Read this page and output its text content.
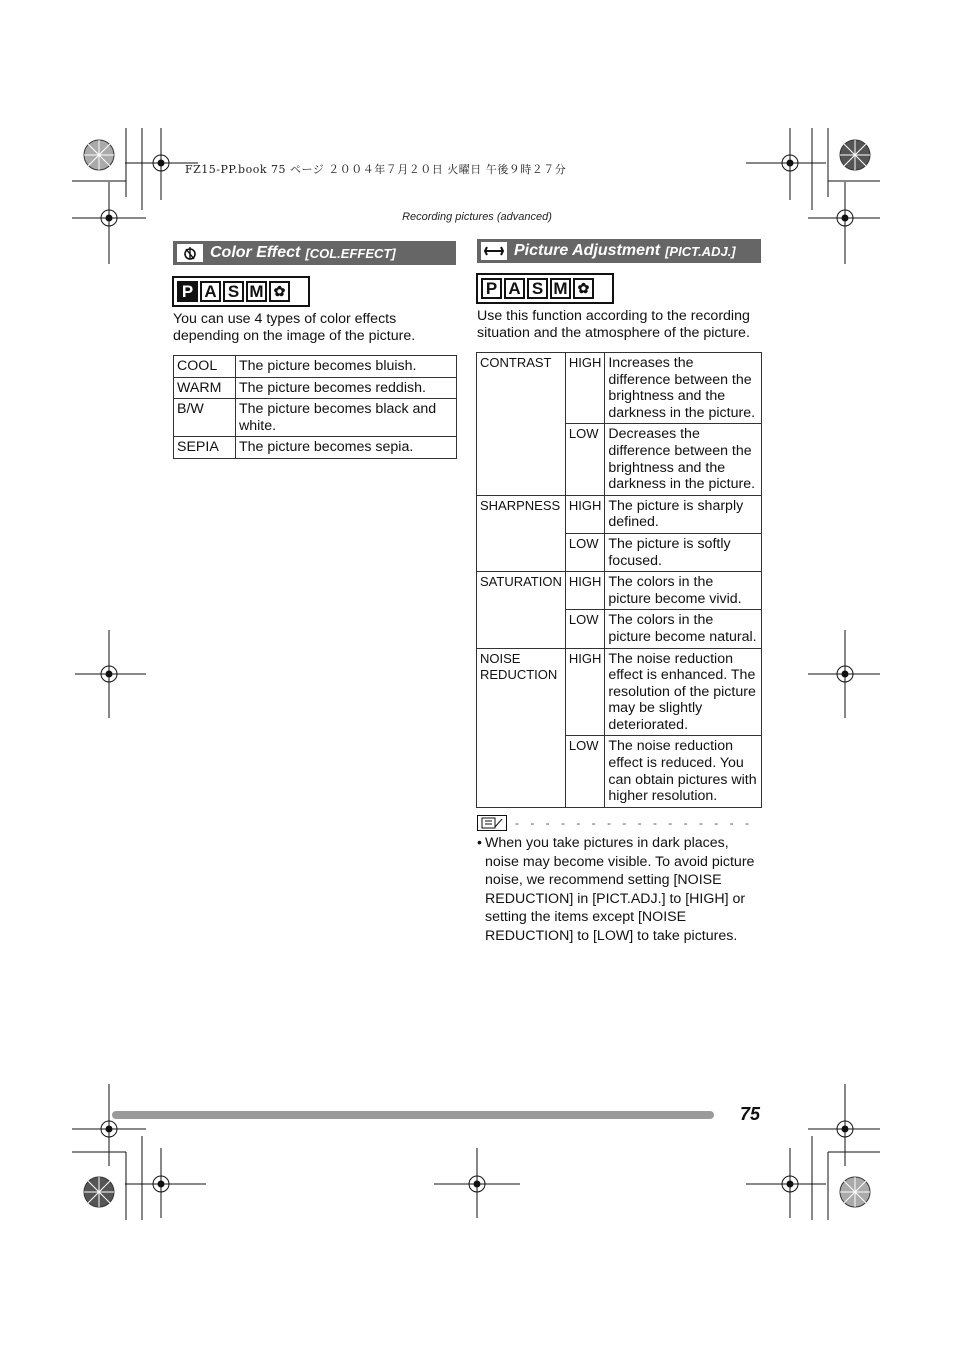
FZ15-PP.book 75 ページ ２００４年７月２０日 火曜日 午後９時２７分
Recording pictures (advanced)
Color Effect [COL.EFFECT]
P A S M ✿
You can use 4 types of color effects depending on the image of the picture.
COOL	The picture becomes bluish.
WARM	The picture becomes reddish.
B/W	The picture becomes black and white.
SEPIA	The picture becomes sepia.
Picture Adjustment [PICT.ADJ.]
P A S M ✿
Use this function according to the recording situation and the atmosphere of the picture.
CONTRAST	HIGH	Increases the difference between the brightness and the darkness in the picture.
	LOW	Decreases the difference between the brightness and the darkness in the picture.
SHARPNESS	HIGH	The picture is sharply defined.
	LOW	The picture is softly focused.
SATURATION	HIGH	The colors in the picture become vivid.
	LOW	The colors in the picture become natural.
NOISE REDUCTION	HIGH	The noise reduction effect is enhanced. The resolution of the picture may be slightly deteriorated.
	LOW	The noise reduction effect is reduced. You can obtain pictures with higher resolution.
- - - - - - - - - - - - - - - -
• When you take pictures in dark places, noise may become visible. To avoid picture noise, we recommend setting [NOISE REDUCTION] in [PICT.ADJ.] to [HIGH] or setting the items except [NOISE REDUCTION] to [LOW] to take pictures.
75
